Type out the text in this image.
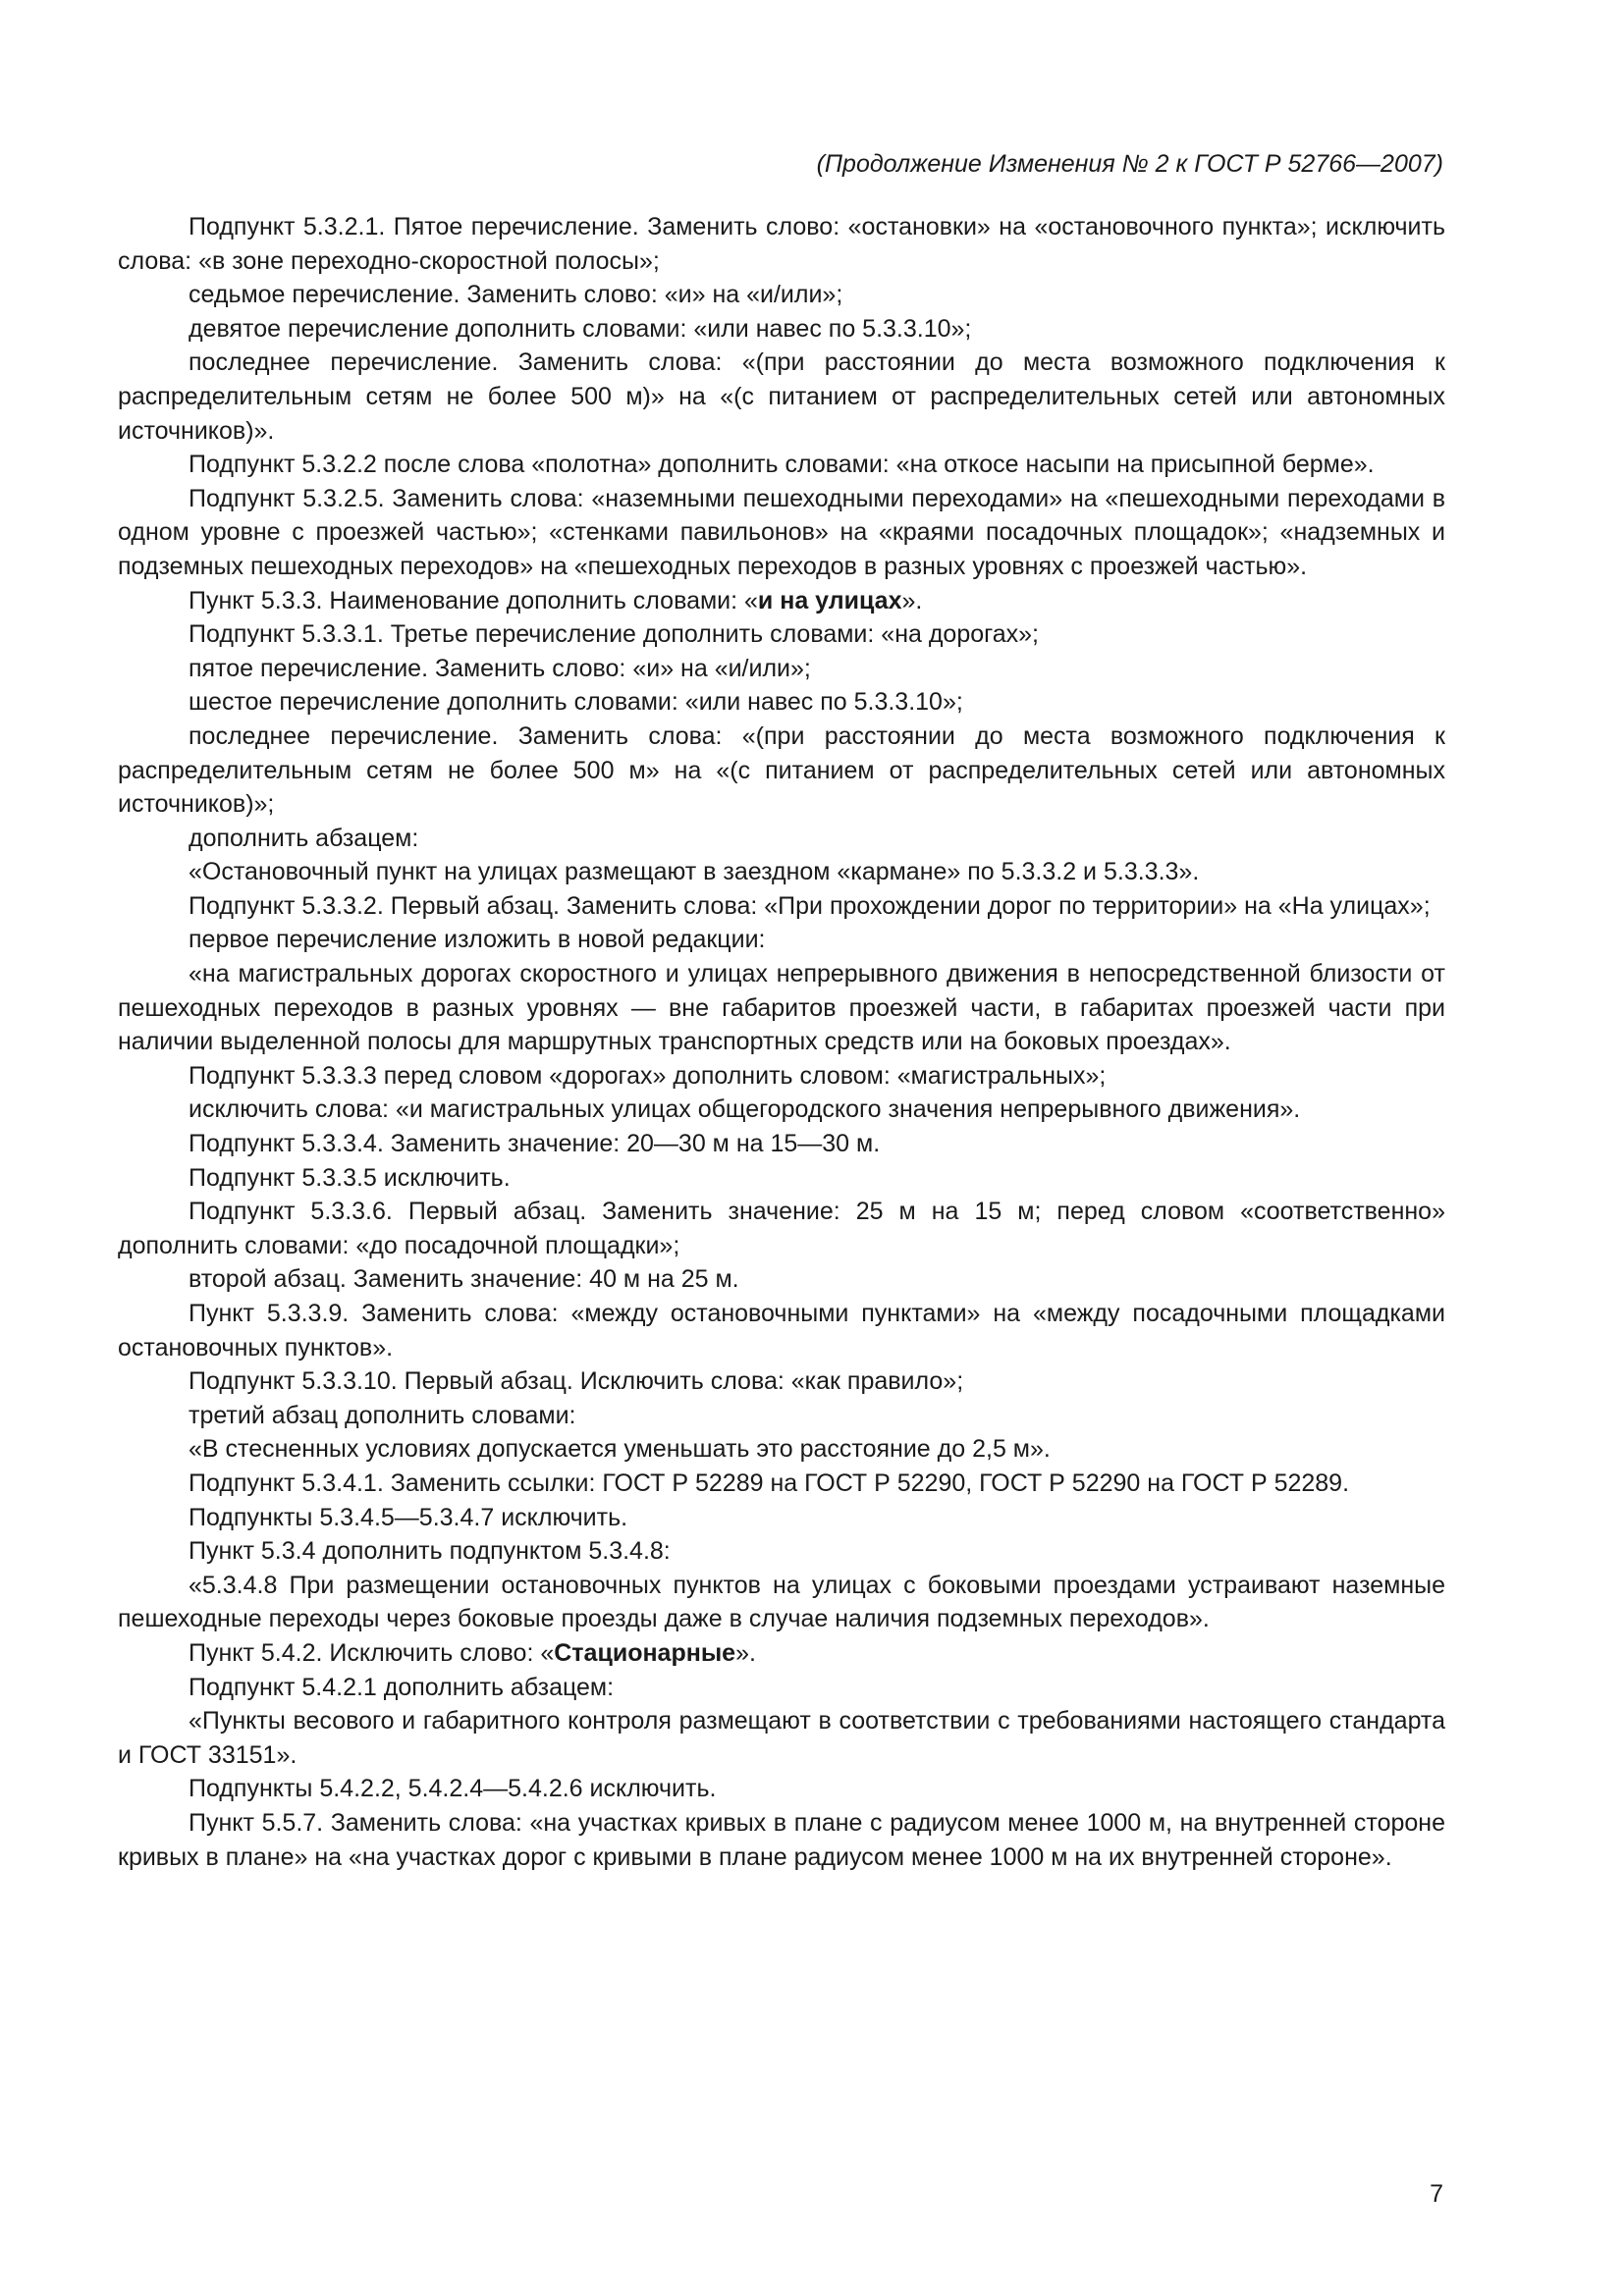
(Продолжение Изменения № 2 к ГОСТ Р 52766—2007)

Подпункт 5.3.2.1. Пятое перечисление. Заменить слово: «остановки» на «остановочного пункта»; исключить слова: «в зоне переходно-скоростной полосы»;

седьмое перечисление. Заменить слово: «и» на «и/или»;

девятое перечисление дополнить словами: «или навес по 5.3.3.10»;

последнее перечисление. Заменить слова: «(при расстоянии до места возможного подключения к распределительным сетям не более 500 м)» на «(с питанием от распределительных сетей или автономных источников)».

Подпункт 5.3.2.2 после слова «полотна» дополнить словами: «на откосе насыпи на присыпной берме».

Подпункт 5.3.2.5. Заменить слова: «наземными пешеходными переходами» на «пешеходными переходами в одном уровне с проезжей частью»; «стенками павильонов» на «краями посадочных площадок»; «надземных и подземных пешеходных переходов» на «пешеходных переходов в разных уровнях с проезжей частью».

Пункт 5.3.3. Наименование дополнить словами: «и на улицах».

Подпункт 5.3.3.1. Третье перечисление дополнить словами: «на дорогах»;

пятое перечисление. Заменить слово: «и» на «и/или»;

шестое перечисление дополнить словами: «или навес по 5.3.3.10»;

последнее перечисление. Заменить слова: «(при расстоянии до места возможного подключения к распределительным сетям не более 500 м» на «(с питанием от распределительных сетей или автономных источников)»;

дополнить абзацем:

«Остановочный пункт на улицах размещают в заездном «кармане» по 5.3.3.2 и 5.3.3.3».

Подпункт 5.3.3.2. Первый абзац. Заменить слова: «При прохождении дорог по территории» на «На улицах»;

первое перечисление изложить в новой редакции:

«на магистральных дорогах скоростного и улицах непрерывного движения в непосредственной близости от пешеходных переходов в разных уровнях — вне габаритов проезжей части, в габаритах проезжей части при наличии выделенной полосы для маршрутных транспортных средств или на боковых проездах».

Подпункт 5.3.3.3 перед словом «дорогах» дополнить словом: «магистральных»;

исключить слова: «и магистральных улицах общегородского значения непрерывного движения».

Подпункт 5.3.3.4. Заменить значение: 20—30 м на 15—30 м.

Подпункт 5.3.3.5 исключить.

Подпункт 5.3.3.6. Первый абзац. Заменить значение: 25 м на 15 м; перед словом «соответственно» дополнить словами: «до посадочной площадки»;

второй абзац. Заменить значение: 40 м на 25 м.

Пункт 5.3.3.9. Заменить слова: «между остановочными пунктами» на «между посадочными площадками остановочных пунктов».

Подпункт 5.3.3.10. Первый абзац. Исключить слова: «как правило»;

третий абзац дополнить словами:

«В стесненных условиях допускается уменьшать это расстояние до 2,5 м».

Подпункт 5.3.4.1. Заменить ссылки: ГОСТ Р 52289 на ГОСТ Р 52290, ГОСТ Р 52290 на ГОСТ Р 52289.

Подпункты 5.3.4.5—5.3.4.7 исключить.

Пункт 5.3.4 дополнить подпунктом 5.3.4.8:

«5.3.4.8 При размещении остановочных пунктов на улицах с боковыми проездами устраивают наземные пешеходные переходы через боковые проезды даже в случае наличия подземных переходов».

Пункт 5.4.2. Исключить слово: «Стационарные».

Подпункт 5.4.2.1 дополнить абзацем:

«Пункты весового и габаритного контроля размещают в соответствии с требованиями настоящего стандарта и ГОСТ 33151».

Подпункты 5.4.2.2, 5.4.2.4—5.4.2.6 исключить.

Пункт 5.5.7. Заменить слова: «на участках кривых в плане с радиусом менее 1000 м, на внутренней стороне кривых в плане» на «на участках дорог с кривыми в плане радиусом менее 1000 м на их внутренней стороне».

7
